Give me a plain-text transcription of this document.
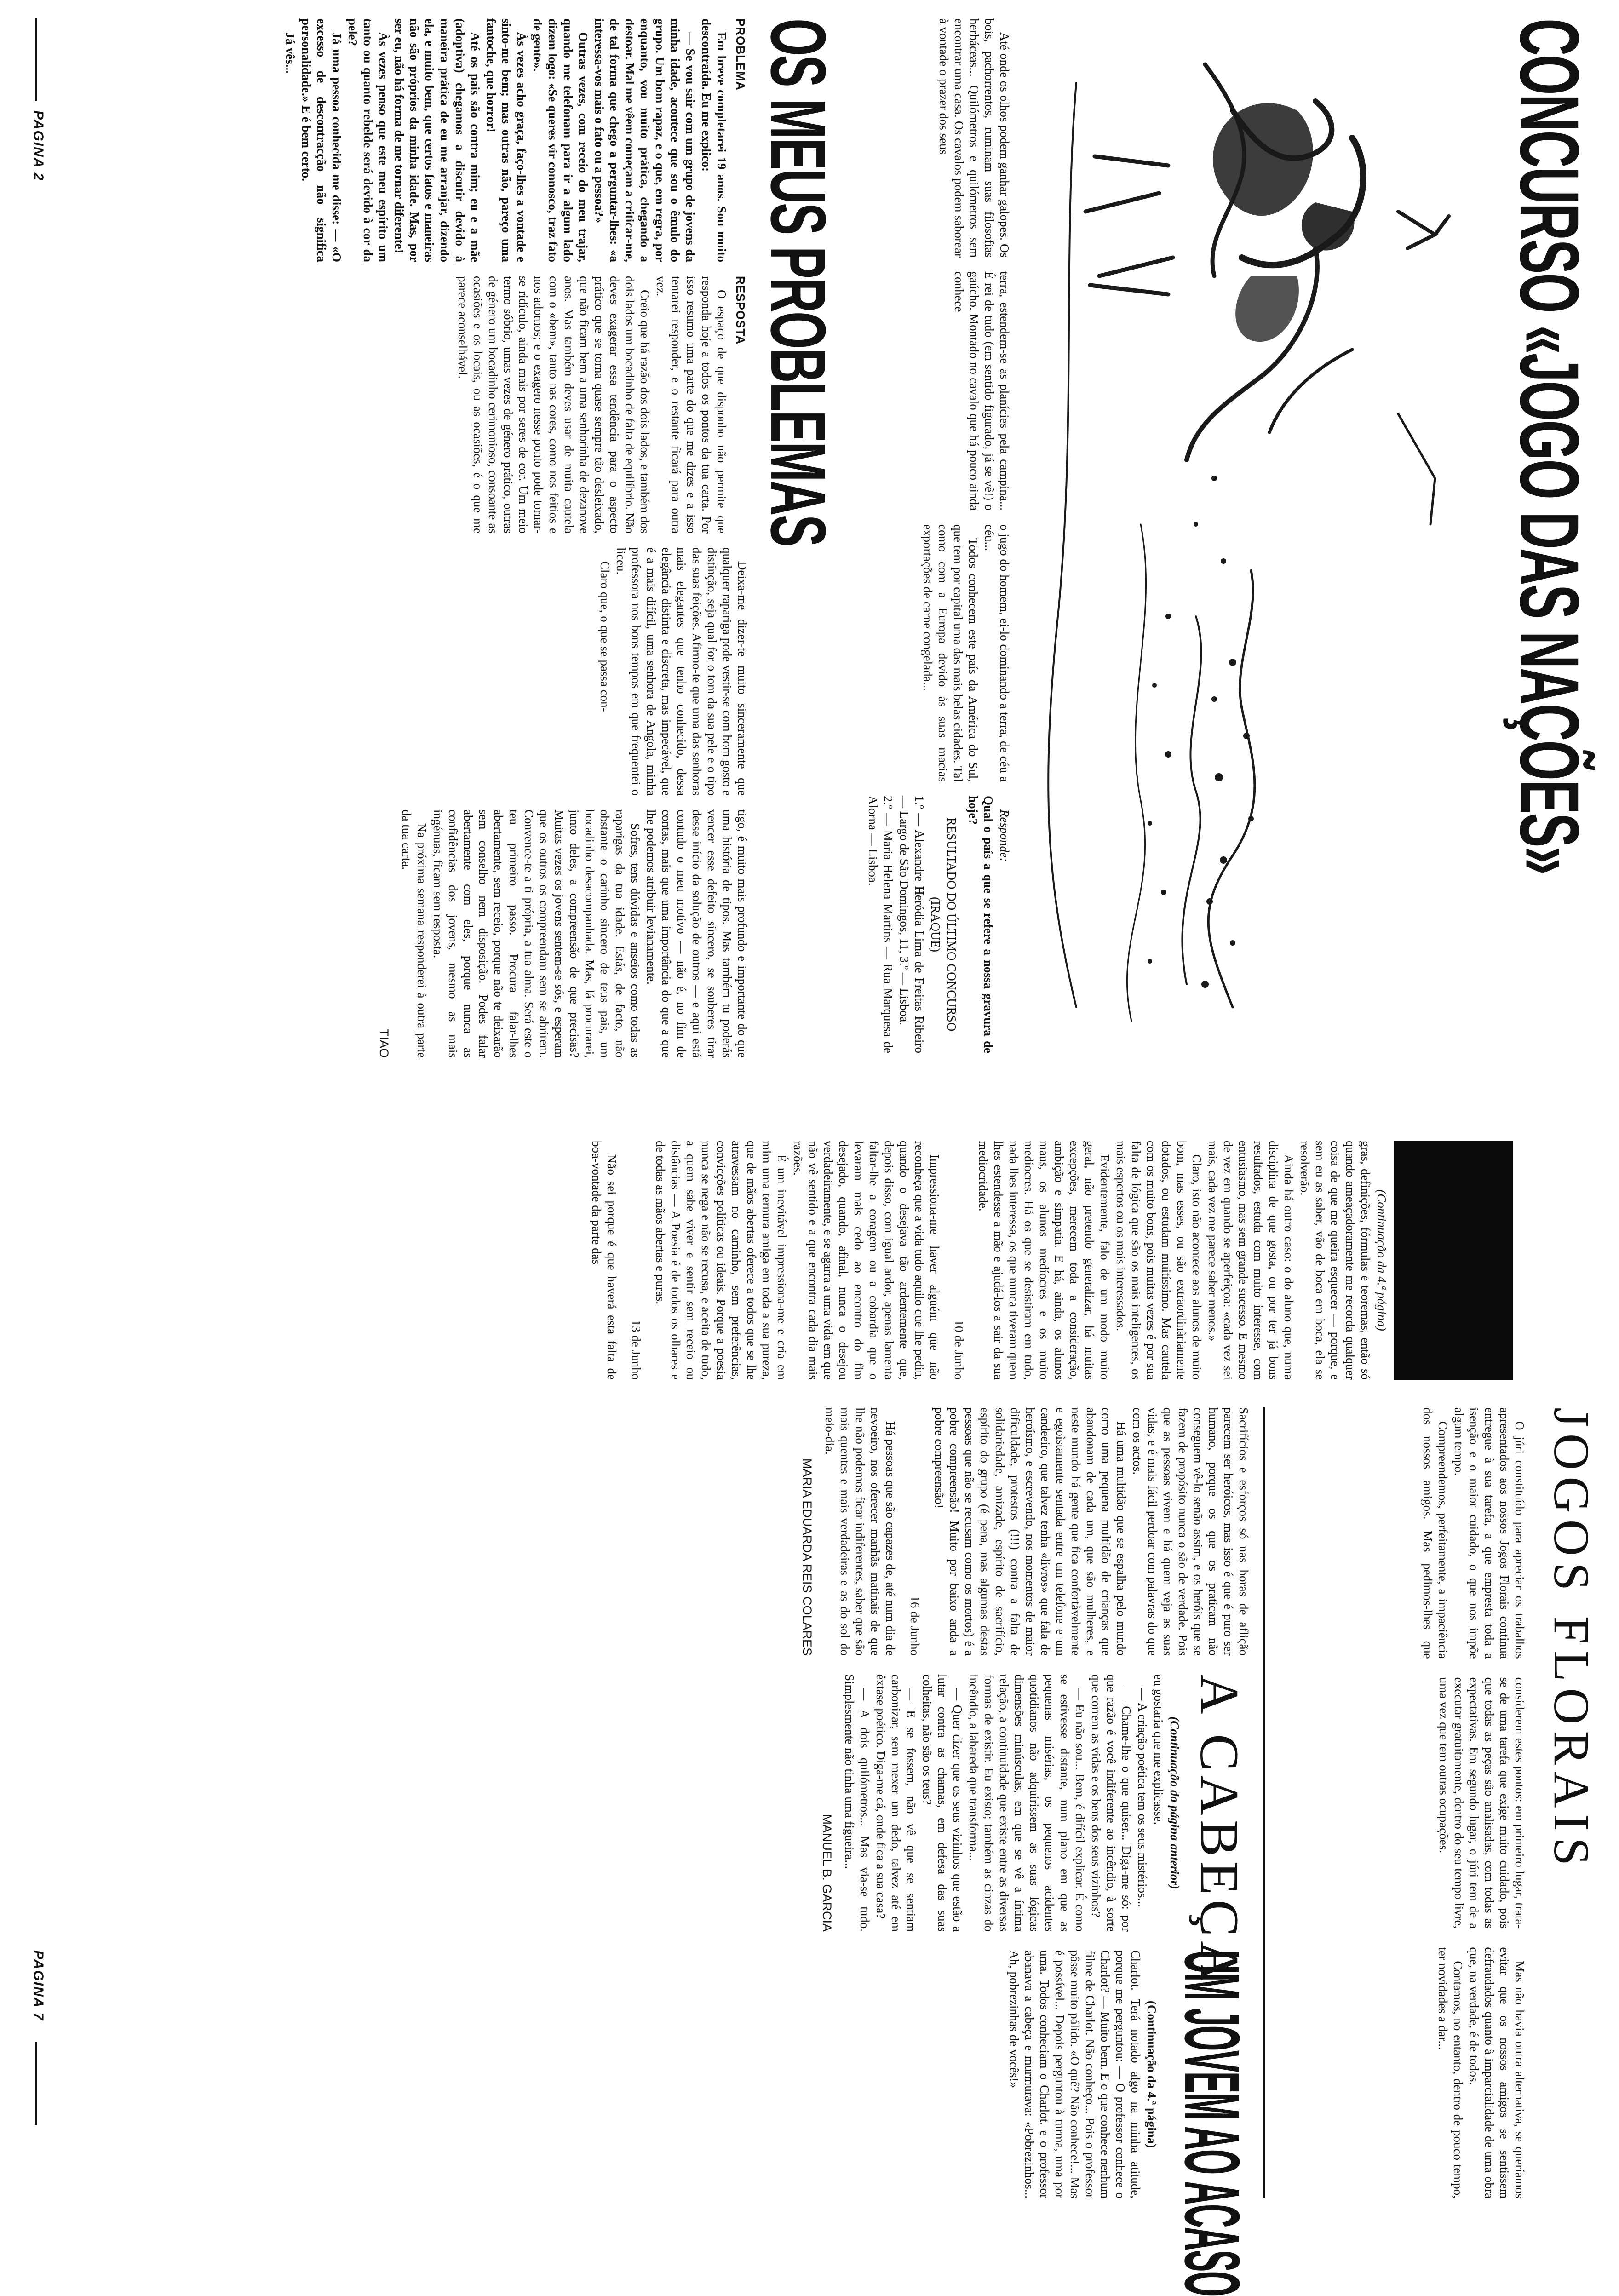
CONCURSO «JOGO DAS NAÇÕES»

Até onde os olhos podem ganhar galopes. Os bois, pachorrentos, ruminam suas filosofias herbáceas... Quilómetros e quilómetros sem encontrar uma casa. Os cavalos podem saborear à vontade o prazer dos seus

terra, estendem-se as planícies pela campina... É rei de tudo (em sentido figurado, já se vê!) o gaúcho. Montado no cavalo que há pouco ainda conhece

o jugo do homem, ei-lo dominando a terra, de céu a céu...

Todos conhecem este país da América do Sul, que tem por capital uma das mais belas cidades. Tal como com a Europa devido às suas macias exportações de carne congelada...

Responde:

Qual o país a que se refere a nossa gravura de hoje?

RESULTADO DO ÚLTIMO CONCURSO

(IRAQUE)

1.º — Alexandre Heródia Lima de Freitas Ribeiro — Largo de São Domingos, 11, 3.º — Lisboa.

2.º — Maria Helena Martins — Rua Marquesa de Alorna — Lisboa.

OS MEUS PROBLEMAS

PROBLEMA

Em breve completarei 19 anos. Sou muito descontraída. Eu me explico:

— Se vou sair com um grupo de jovens da minha idade, acontece que sou o êmulo do grupo. Um bom rapaz, e o que, em regra, por enquanto, vou muito prática, chegando a destoar. Mal me vêem começam a criticar-me, de tal forma que chego a perguntar-lhes: «a interessa-vos mais o fato ou a pessoa?»

Outras vezes, com receio do meu trajar, quando me telefonam para ir a algum lado dizem logo: «Se queres vir connosco, traz fato de gente».

Às vezes acho graça, faço-lhes a vontade e sinto-me bem; mas outras não, pareço uma fantoche, que horror!

Até os pais são contra mim; eu e a mãe (adoptiva) chegamos a discutir devido à maneira prática de eu me arranjar, dizendo ela, e muito bem, que certos fatos e maneiras não são próprios da minha idade. Mas, por ser eu, não há forma de me tornar diferente!

Às vezes penso que este meu espírito um tanto ou quanto rebelde será devido à cor da pele?

Já uma pessoa conhecida me disse: — «O excesso de descontracção não significa personalidade.» E é bem certo.

Já vês...

RESPOSTA

O espaço de que disponho não permite que responda hoje a todos os pontos da tua carta. Por isso resumo uma parte do que me dizes e a isso tentarei responder, e o restante ficará para outra vez.

Creio que há razão dos dois lados, e também dos dois lados um bocadinho de falta de equilíbrio. Não deves exagerar essa tendência para o aspecto prático que se torna quase sempre tão desleixado, que não ficam bem a uma senhorinha de dezanove anos. Mas também deves usar de muita cautela com o «bem», tanto nas cores, como nos feitios e nos adornos; e o exagero nesse ponto pode tornar-se ridículo, ainda mais por seres de cor. Um meio termo sóbrio, umas vezes de género prático, outras de género um bocadinho cerimonioso, consoante as ocasiões e os locais, ou as ocasiões, é o que me parece aconselhável.

Deixa-me dizer-te muito sinceramente que qualquer rapariga pode vestir-se com bom gosto e distinção, seja qual for o tom da sua pele e o tipo das suas feições. Afirmo-te que uma das senhoras mais elegantes que tenho conhecido, dessa elegância distinta e discreta, mas impecável, que é a mais difícil, uma senhora de Angola, minha professora nos bons tempos em que frequentei o liceu.

Claro que, o que se passa con-

tigo, é muito mais profundo e importante do que uma história de tipos. Mas também tu poderás vencer esse defeito sincero, se souberes tirar desse início da solução de outros — e aqui está contudo o meu motivo — não é, no fim de contas, mais que uma importância do que a que lhe podemos atribuir levianamente.

Sofres, tens dúvidas e anseios como todas as raparigas da tua idade. Estás, de facto, não obstante o carinho sincero de teus pais, um bocadinho desacompanhada. Mas, lá procurarei, junto deles, a compreensão de que precisas? Muitas vezes os jovens sentem-se sós, e esperam que os outros os compreendam sem se abrirem. Convence-te a ti própria, a tua alma. Será este o teu primeiro passo. Procura falar-lhes abertamente, sem receio, porque não te deixarão sem conselho nem disposição. Podes falar abertamente com eles, porque nunca as confidências dos jovens, mesmo as mais ingénuas, ficam sem resposta.

Na próxima semana responderei à outra parte da tua carta.

TIAO

PAGINA 2

(Continuação da 4.ª página)

gras, definições, fórmulas e teoremas, então só quando ameaçadoramente me recorda qualquer coisa de que me queira esquecer — porque, e sem eu as saber, vão de boca em boca, ela se resolverão.

Ainda há outro caso: o do aluno que, numa disciplina de que gosta, ou por ter já bons resultados, estuda com muito interesse, com entusiasmo, mas sem grande sucesso. E mesmo de vez em quando se aperfeiçoa: «cada vez sei mais, cada vez me parece saber menos.»

Claro, isto não acontece aos alunos de muito bom, mas esses, ou são extraordinàriamente dotados, ou estudam muitíssimo. Mas cautela com os muito bons, pois muitas vezes é por sua falta de lógica que são os mais inteligentes, os mais espertos ou os mais interessados.

Evidentemente, falo de um modo muito geral, não pretendo generalizar, há muitas excepções, merecem toda a consideração, ambição e simpatia. E há, ainda, os alunos maus, os alunos medíocres e os muito medíocres. Há os que se desistiram em tudo, nada lhes interessa, os que nunca tiveram quem lhes estendesse a mão e ajudá-los a sair da sua mediocridade.

10 de Junho

Impressiona-me haver alguém que não reconheça que a vida tudo aquilo que lhe pediu, quando o desejava tão ardentemente que, depois disso, com igual ardor, apenas lamenta faltar-lhe a coragem ou a cobardia que o levaram mais cedo ao encontro do fim desejado, quando, afinal, nunca o desejou verdadeiramente, e se agarra a uma vida em que não vê sentido e a que encontra cada dia mais razões.

É um inevitável impressiona-me e cria em mim uma ternura amiga em toda a sua pureza, que de mãos abertas oferece a todos que se lhe atravessam no caminho, sem preferências, convicções políticas ou ideais. Porque a poesia nunca se nega e não se recusa, e aceita de tudo, a quem sabe viver e sentir sem receio ou distâncias — A Poesia é de todos os olhares e de todas as mãos abertas e puras.

13 de Junho

Não sei porque é que haverá esta falta de boa-vontade da parte das

JOGOS FLORAIS

O júri constituído para apreciar os trabalhos apresentados aos nossos Jogos Florais continua entregue à sua tarefa, a que empresta toda a isenção e o maior cuidado, o que nos impõe algum tempo.

Compreendemos, perfeitamente, a impaciência dos nossos amigos. Mas pedimos-lhes que considerem estes pontos: em primeiro lugar, trata-se de uma tarefa que exige muito cuidado, pois que todas as peças são analisadas, com todas as expectativas. Em segundo lugar, o júri tem de a executar gratuitamente, dentro do seu tempo livre, uma vez que tem outras ocupações.

Mas não havia outra alternativa, se queríamos evitar que os nossos amigos se sentissem defraudados quanto à imparcialidade de uma obra que, na verdade, é de todos.

Contamos, no entanto, dentro de pouco tempo, ter novidades a dar...

Sacrifícios e esforços só nas horas de aflição parecem ser heróicos, mas isso é que é puro ser humano, porque os que os praticam não conseguem vê-lo senão assim, e os heróis que se fazem de propósito nunca o são de verdade. Pois que as pessoas vivem e há quem veja as suas vidas, e é mais fácil perdoar com palavras do que com os actos.

Há uma multidão que se espalha pelo mundo como uma pequena multidão de crianças que abandonam de cada um, que são mulheres, e neste mundo há gente que fica confortàvelmente e egoìstamente sentada entre um telefone e um candeeiro, que talvez tenha «livros» que fala de heroísmo, e escrevendo, nos momentos de maior dificuldade, protestos (!!!) contra a falta de solidariedade, amizade, espírito de sacrifício, espírito do grupo (é pena, mas algumas destas pessoas que não se recusam como os mortos) é a pobre compreensão! Muito por baixo anda a pobre compreensão!

16 de Junho

Há pessoas que são capazes de, até num dia de nevoeiro, nos oferecer manhãs matinais de que lhe não podemos ficar indiferentes, saber que são mais quentes e mais verdadeiras e as do sol do meio-dia.

MARIA EDUARDA REIS COLARES

A CABEÇA

(Continuação da página anterior)

eu gostaria que me explicasse.

— A criação poética tem os seus mistérios...

— Chame-lhe o que quiser... Diga-me só: por que razão é você indiferente ao incêndio, à sorte que correm as vidas e os bens dos seus vizinhos?

— Eu não sou... Bem, é difícil explicar. É como se estivesse distante, num plano em que as pequenas misérias, os pequenos acidentes quotidianos não adquirissem as suas lógicas dimensões minúsculas, em que se vê a íntima relação, a continuidade que existe entre as diversas formas de existir. Eu existo; também as cinzas do incêndio, a labareda que transforma...

— Quer dizer que os seus vizinhos que estão a lutar contra as chamas, em defesa das suas colheitas, não são os teus?

— E se fossem, não vê que se sentiam carbonizar, sem mexer um dedo, talvez até em êxtase poético. Diga-me cá, onde fica a sua casa?

— A dois quilómetros... Mas via-se tudo. Simplesmente não tinha uma figueira...

MANUEL B. GARCIA

UM JOVEM AO ACASO

(Continuação da 4.ª página)

Charlot. Terá notado algo na minha atitude, porque me perguntou: — O professor conhece o Charlot? — Muito bem. E o que conhece nenhum filme de Charlot. Não conheço... Pois o professor pâsse muito pálido. «O quê? Não conhece!... Mas é possível... Depois perguntou à turma, uma por uma. Todos conheciam o Charlot, e o professor abanava a cabeça e murmurava: «Pobrezinhos... Ah, pobrezinhas de vocês!»

PAGINA 7
